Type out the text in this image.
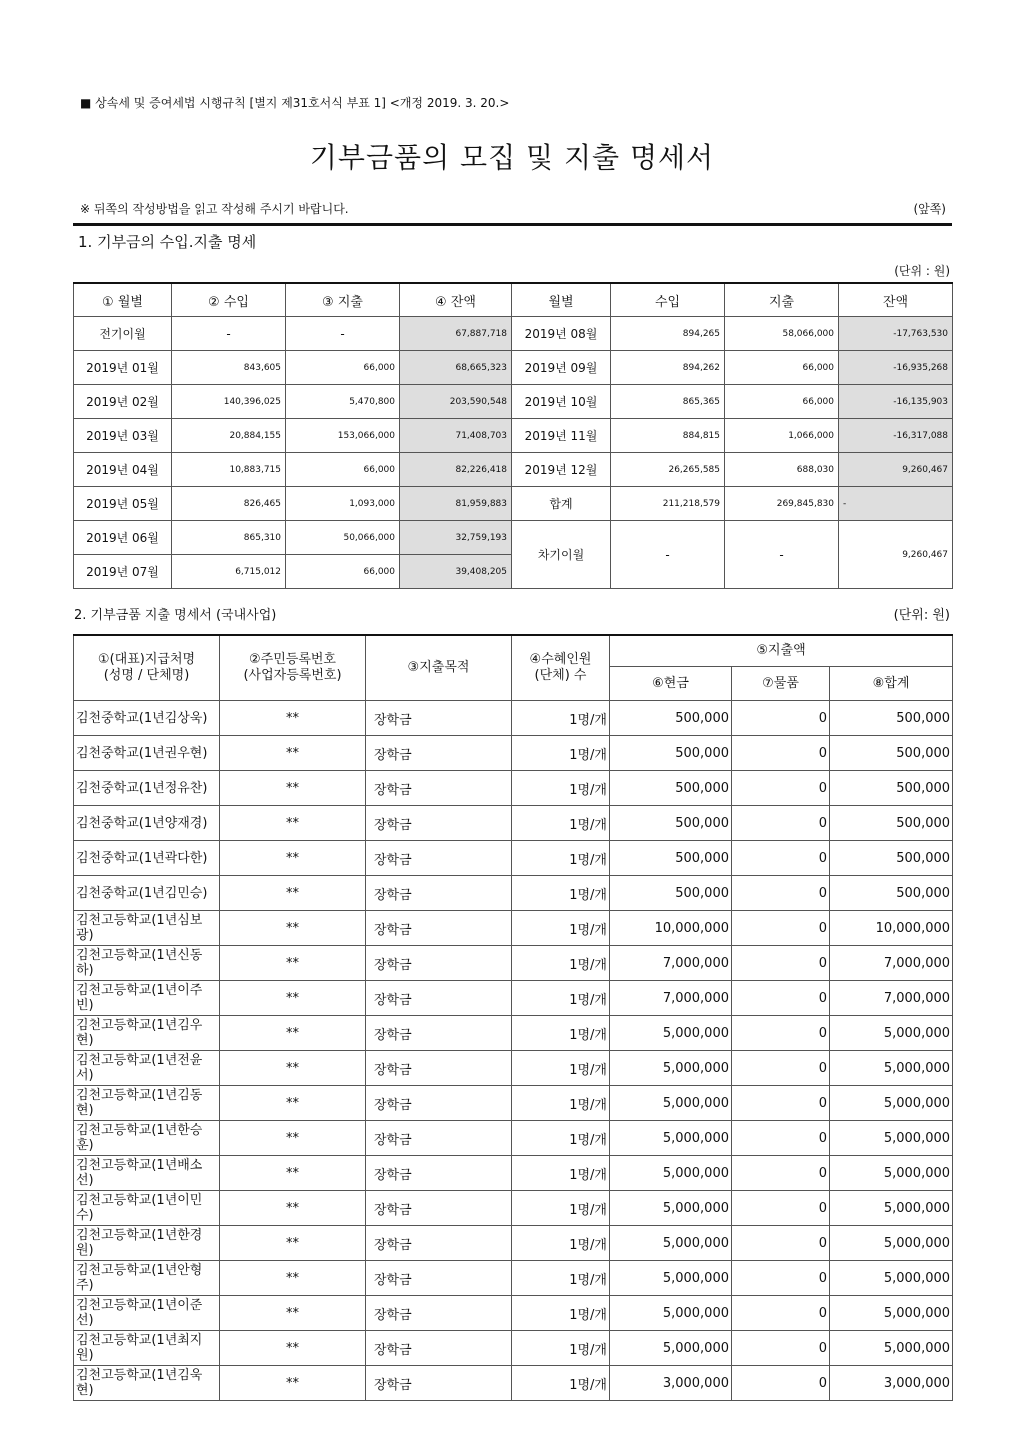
■ 상속세 및 증여세법 시행규칙 [별지 제31호서식 부표 1] <개정 2019. 3. 20.>
기부금품의 모집 및 지출 명세서
※ 뒤쪽의 작성방법을 읽고 작성해 주시기 바랍니다.	(앞쪽)
1. 기부금의 수입.지출 명세
(단위 : 원)
① 월별	② 수입	③ 지출	④ 잔액	월별	수입	지출	잔액
전기이월	-	-	67,887,718	2019년 08월	894,265	58,066,000	-17,763,530
2019년 01월	843,605	66,000	68,665,323	2019년 09월	894,262	66,000	-16,935,268
2019년 02월	140,396,025	5,470,800	203,590,548	2019년 10월	865,365	66,000	-16,135,903
2019년 03월	20,884,155	153,066,000	71,408,703	2019년 11월	884,815	1,066,000	-16,317,088
2019년 04월	10,883,715	66,000	82,226,418	2019년 12월	26,265,585	688,030	9,260,467
2019년 05월	826,465	1,093,000	81,959,883	합계	211,218,579	269,845,830	-
2019년 06월	865,310	50,066,000	32,759,193	차기이월	-	-	9,260,467
2019년 07월	6,715,012	66,000	39,408,205				
2. 기부금품 지출 명세서 (국내사업)	(단위: 원)
①(대표)지급처명
(성명 / 단체명)	②주민등록번호
(사업자등록번호)	③지출목적	④수혜인원
(단체) 수	⑤지출액		
				⑥현금	⑦물품	⑧합계
김천중학교(1년김상욱)	**	장학금	1명/개	500,000	0	500,000
김천중학교(1년권우현)	**	장학금	1명/개	500,000	0	500,000
김천중학교(1년정유찬)	**	장학금	1명/개	500,000	0	500,000
김천중학교(1년양재경)	**	장학금	1명/개	500,000	0	500,000
김천중학교(1년곽다한)	**	장학금	1명/개	500,000	0	500,000
김천중학교(1년김민승)	**	장학금	1명/개	500,000	0	500,000
김천고등학교(1년심보광)	**	장학금	1명/개	10,000,000	0	10,000,000
김천고등학교(1년신동하)	**	장학금	1명/개	7,000,000	0	7,000,000
김천고등학교(1년이주빈)	**	장학금	1명/개	7,000,000	0	7,000,000
김천고등학교(1년김우현)	**	장학금	1명/개	5,000,000	0	5,000,000
김천고등학교(1년전윤서)	**	장학금	1명/개	5,000,000	0	5,000,000
김천고등학교(1년김동현)	**	장학금	1명/개	5,000,000	0	5,000,000
김천고등학교(1년한승훈)	**	장학금	1명/개	5,000,000	0	5,000,000
김천고등학교(1년배소선)	**	장학금	1명/개	5,000,000	0	5,000,000
김천고등학교(1년이민수)	**	장학금	1명/개	5,000,000	0	5,000,000
김천고등학교(1년한경원)	**	장학금	1명/개	5,000,000	0	5,000,000
김천고등학교(1년안형주)	**	장학금	1명/개	5,000,000	0	5,000,000
김천고등학교(1년이준선)	**	장학금	1명/개	5,000,000	0	5,000,000
김천고등학교(1년최지원)	**	장학금	1명/개	5,000,000	0	5,000,000
김천고등학교(1년김욱현)	**	장학금	1명/개	3,000,000	0	3,000,000
